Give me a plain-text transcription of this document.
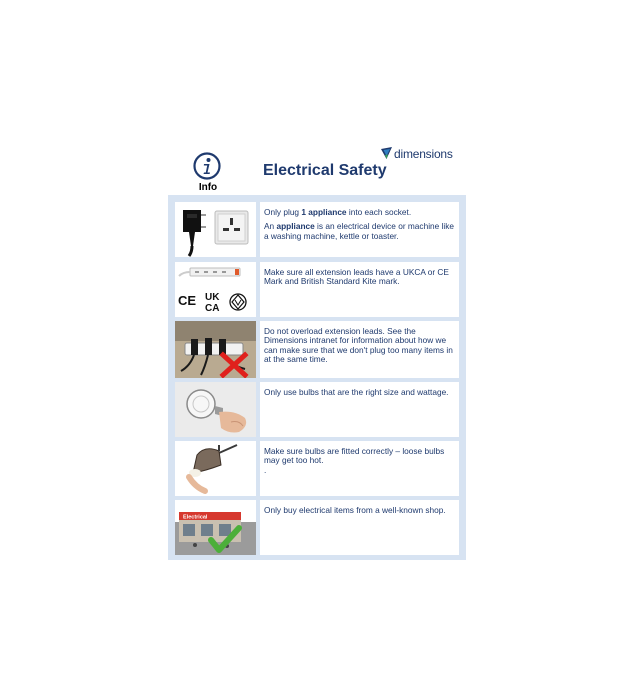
Info
dimensions
Electrical Safety

Only plug 1 appliance into each socket.

An appliance is an electrical device or machine like a washing machine, kettle or toaster.

CE UK
CA

Make sure all extension leads have a UKCA or CE Mark and British Standard Kite mark.

Do not overload extension leads. See the Dimensions intranet for information about how we can make sure that we don't plug too many items in at the same time.

Only use bulbs that are the right size and wattage.

Make sure bulbs are fitted correctly – loose bulbs may get too hot.

.

Electrical

Only buy electrical items from a well-known shop.
